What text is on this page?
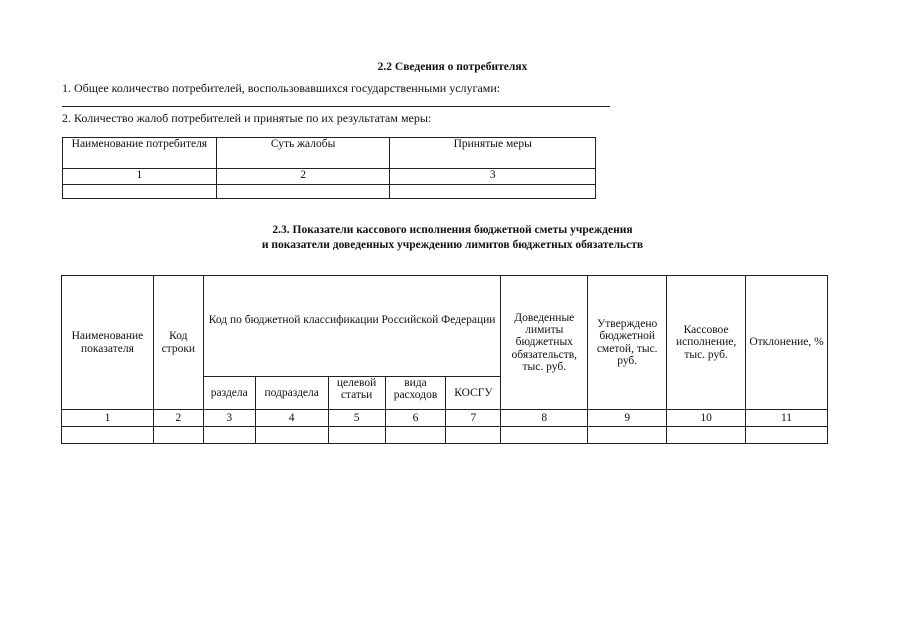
2.2 Сведения о потребителях
1. Общее количество потребителей, воспользовавшихся государственными услугами:
2. Количество жалоб потребителей и принятые по их результатам меры:
Наименование потребителя	Суть жалобы	Принятые меры
1	2	3

2.3. Показатели кассового исполнения бюджетной сметы учреждения
и показатели доведенных учреждению лимитов бюджетных обязательств
Наименование показателя	Код строки	Код по бюджетной классификации Российской Федерации					Доведенные лимиты бюджетных обязательств, тыс. руб.	Утверждено бюджетной сметой, тыс. руб.	Кассовое исполнение, тыс. руб.	Отклонение, %
		раздела	подраздела	целевой статьи	вида расходов	КОСГУ				
1	2	3	4	5	6	7	8	9	10	11
